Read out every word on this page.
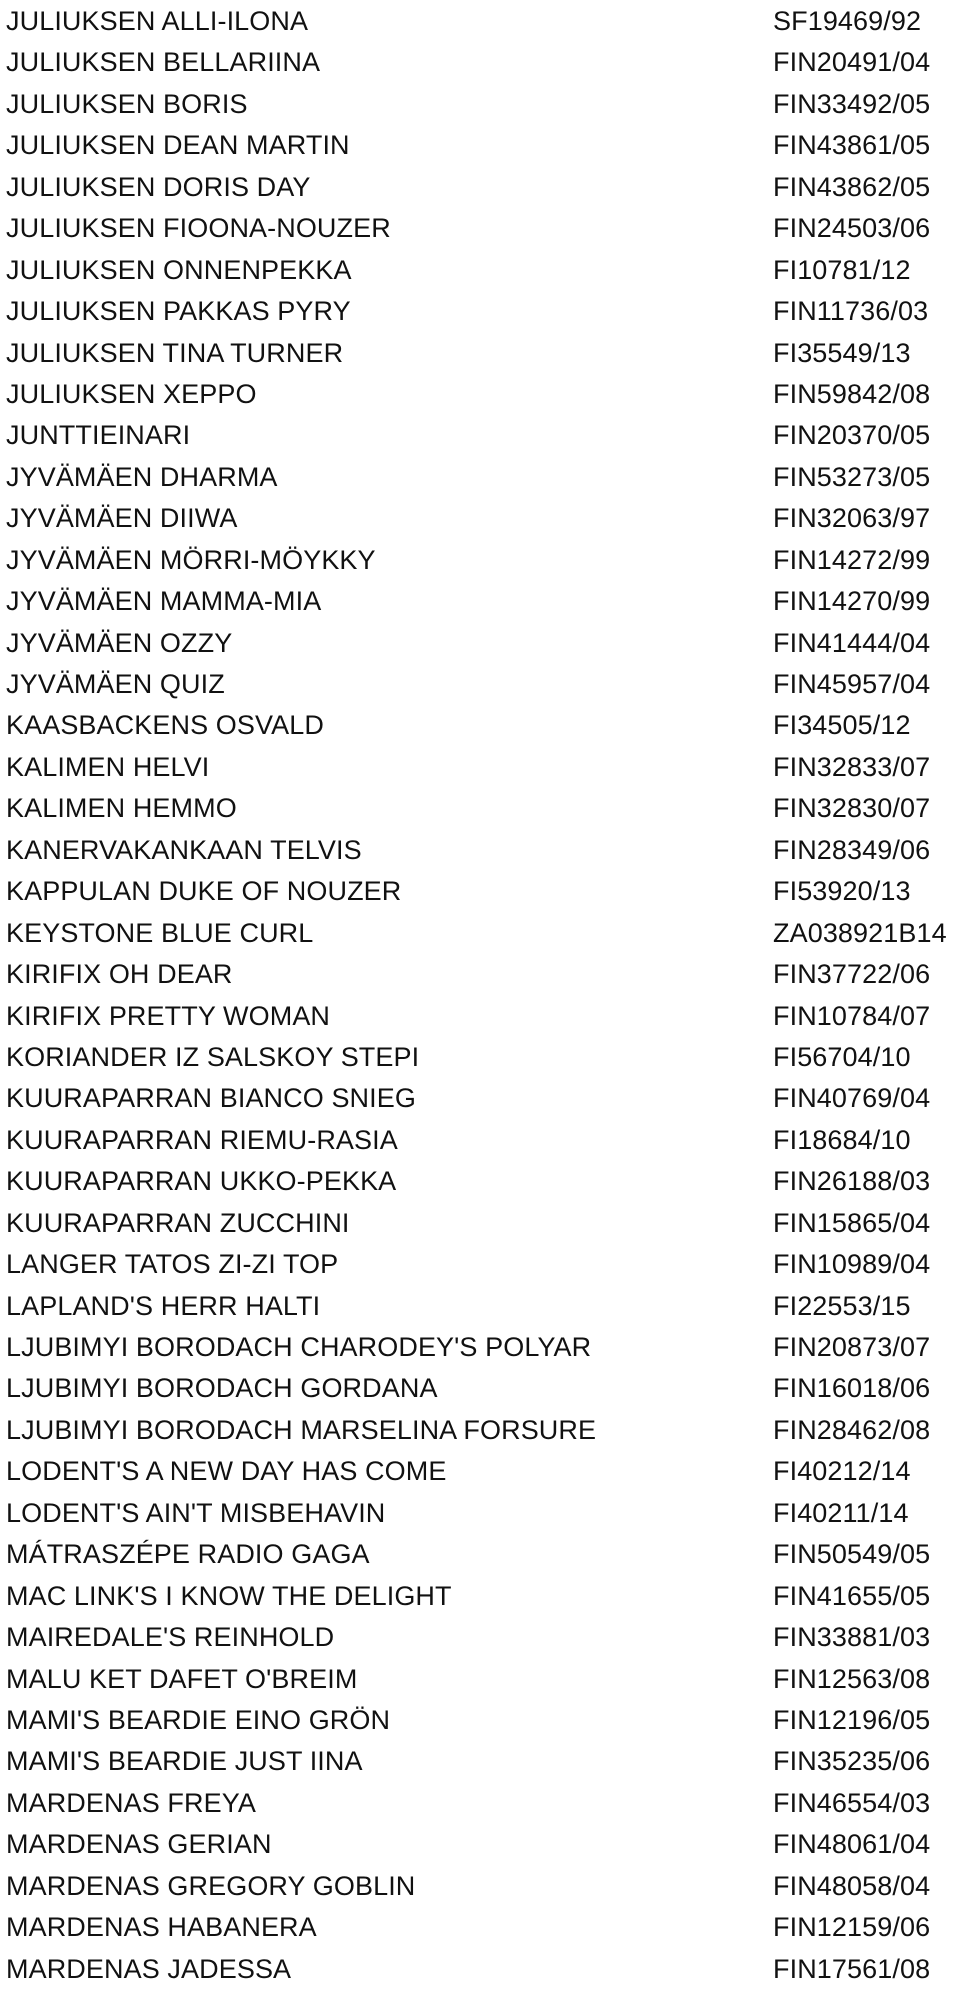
JULIUKSEN ALLI-ILONA	SF19469/92
JULIUKSEN BELLARIINA	FIN20491/04
JULIUKSEN BORIS	FIN33492/05
JULIUKSEN DEAN MARTIN	FIN43861/05
JULIUKSEN DORIS DAY	FIN43862/05
JULIUKSEN FIOONA-NOUZER	FIN24503/06
JULIUKSEN ONNENPEKKA	FI10781/12
JULIUKSEN PAKKAS PYRY	FIN11736/03
JULIUKSEN TINA TURNER	FI35549/13
JULIUKSEN XEPPO	FIN59842/08
JUNTTIEINARI	FIN20370/05
JYVÄMÄEN DHARMA	FIN53273/05
JYVÄMÄEN DIIWA	FIN32063/97
JYVÄMÄEN MÖRRI-MÖYKKY	FIN14272/99
JYVÄMÄEN MAMMA-MIA	FIN14270/99
JYVÄMÄEN OZZY	FIN41444/04
JYVÄMÄEN QUIZ	FIN45957/04
KAASBACKENS OSVALD	FI34505/12
KALIMEN HELVI	FIN32833/07
KALIMEN HEMMO	FIN32830/07
KANERVAKANKAAN TELVIS	FIN28349/06
KAPPULAN DUKE OF NOUZER	FI53920/13
KEYSTONE BLUE CURL	ZA038921B14
KIRIFIX OH DEAR	FIN37722/06
KIRIFIX PRETTY WOMAN	FIN10784/07
KORIANDER IZ SALSKOY STEPI	FI56704/10
KUURAPARRAN BIANCO SNIEG	FIN40769/04
KUURAPARRAN RIEMU-RASIA	FI18684/10
KUURAPARRAN UKKO-PEKKA	FIN26188/03
KUURAPARRAN ZUCCHINI	FIN15865/04
LANGER TATOS ZI-ZI TOP	FIN10989/04
LAPLAND'S HERR HALTI	FI22553/15
LJUBIMYI BORODACH CHARODEY'S POLYAR	FIN20873/07
LJUBIMYI BORODACH GORDANA	FIN16018/06
LJUBIMYI BORODACH MARSELINA FORSURE	FIN28462/08
LODENT'S A NEW DAY HAS COME	FI40212/14
LODENT'S AIN'T MISBEHAVIN	FI40211/14
MÁTRASZÉPE RADIO GAGA	FIN50549/05
MAC LINK'S I KNOW THE DELIGHT	FIN41655/05
MAIREDALE'S REINHOLD	FIN33881/03
MALU KET DAFET O'BREIM	FIN12563/08
MAMI'S BEARDIE EINO GRÖN	FIN12196/05
MAMI'S BEARDIE JUST IINA	FIN35235/06
MARDENAS FREYA	FIN46554/03
MARDENAS GERIAN	FIN48061/04
MARDENAS GREGORY GOBLIN	FIN48058/04
MARDENAS HABANERA	FIN12159/06
MARDENAS JADESSA	FIN17561/08
